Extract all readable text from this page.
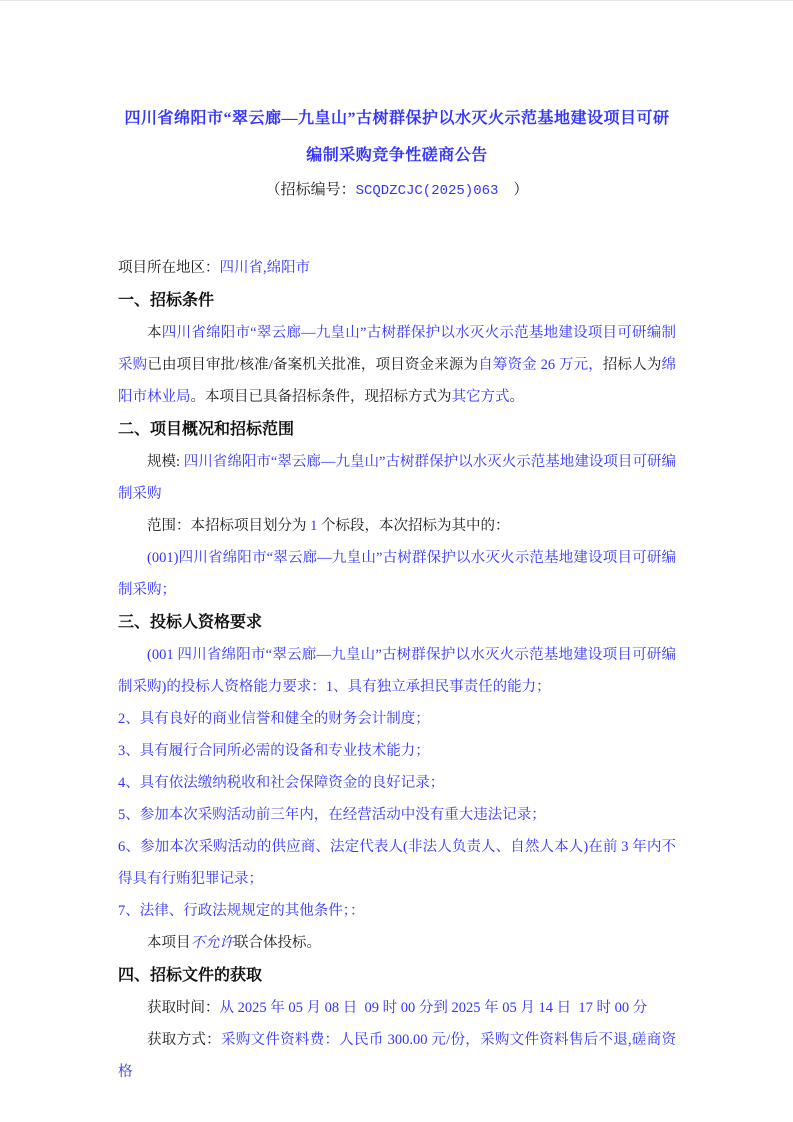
四川省绵阳市“翠云廊—九皇山”古树群保护以水灭火示范基地建设项目可研编制采购竞争性磋商公告

（招标编号：SCQDZCJC(2025)063　）

项目所在地区：四川省,绵阳市

一、招标条件

本四川省绵阳市“翠云廊—九皇山”古树群保护以水灭火示范基地建设项目可研编制采购已由项目审批/核准/备案机关批准，项目资金来源为自筹资金 26 万元，招标人为绵阳市林业局。本项目已具备招标条件，现招标方式为其它方式。

二、项目概况和招标范围

规模: 四川省绵阳市“翠云廊—九皇山”古树群保护以水灭火示范基地建设项目可研编制采购

范围：本招标项目划分为 1 个标段，本次招标为其中的：

(001)四川省绵阳市“翠云廊—九皇山”古树群保护以水灭火示范基地建设项目可研编制采购；

三、投标人资格要求

(001 四川省绵阳市“翠云廊—九皇山”古树群保护以水灭火示范基地建设项目可研编制采购)的投标人资格能力要求：1、具有独立承担民事责任的能力；

2、具有良好的商业信誉和健全的财务会计制度；

3、具有履行合同所必需的设备和专业技术能力；

4、具有依法缴纳税收和社会保障资金的良好记录；

5、参加本次采购活动前三年内，在经营活动中没有重大违法记录；

6、参加本次采购活动的供应商、法定代表人(非法人负责人、自然人本人)在前 3 年内不得具有行贿犯罪记录；

7、法律、行政法规规定的其他条件；：

本项目不允许联合体投标。

四、招标文件的获取

获取时间：从 2025 年 05 月 08 日  09 时 00 分到 2025 年 05 月 14 日  17 时 00 分

获取方式：采购文件资料费：人民币 300.00 元/份，采购文件资料售后不退,磋商资格
